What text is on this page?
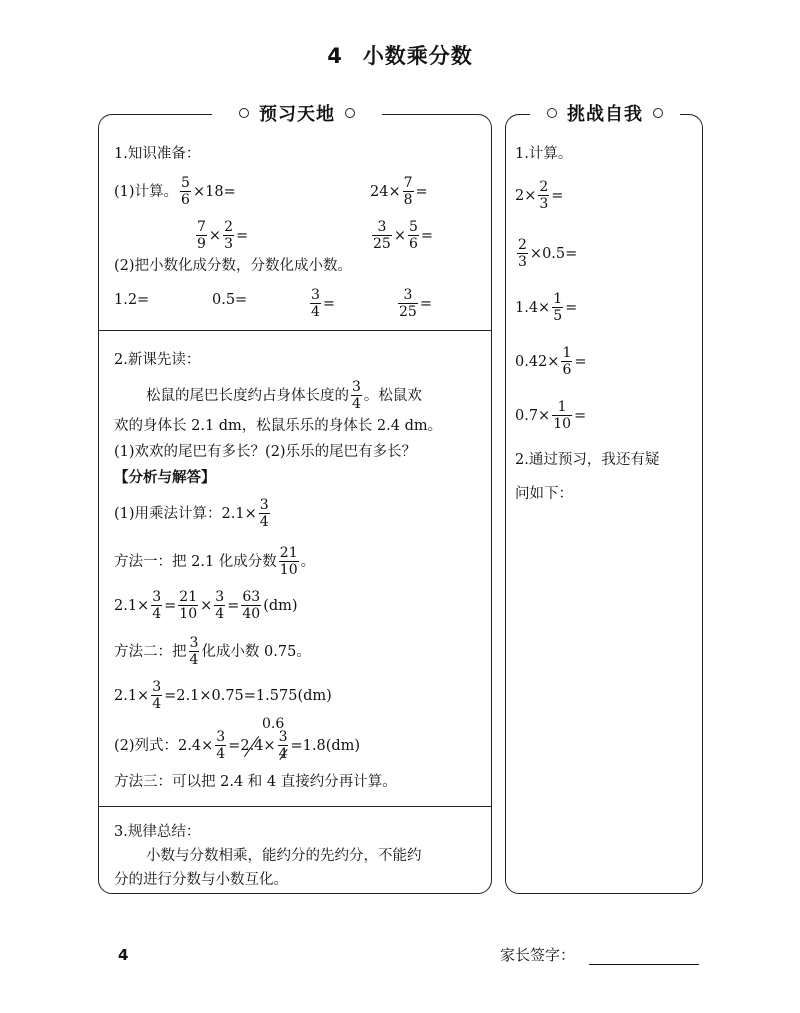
4 小数乘分数
预习天地	挑战自我
1.知识准备：
(1)计算。 $\frac{5}{6} \times 18=$	$24\times \frac{7}{8}$ =
$\frac{7}{9} \times \frac{2}{3}$ =	$\frac{3}{25} \times \frac{5}{6}$ =
(2)把小数化成分数，分数化成小数。
1.2=	0.5=	$\frac{3}{4}$ =	$\frac{3}{25}$ =
2.新课先读：
松鼠的尾巴长度约占身体长度的
3
4
。松鼠欢
欢的身体长 2.1 dm，松鼠乐乐的身体长 2.4 dm。
(1)欢欢的尾巴有多长？(2)乐乐的尾巴有多长？
【分析与解答】
(1)用乘法计算：$2.1\times \frac{3}{4}$
方法一：把 2.1 化成分数
21
10
。
$2.1\times \frac{3}{4} = \frac{21}{10} \times \frac{3}{4} = \frac{63}{40} (dm)$
方法二：把
3
4
化成小数 0.75。
$2.1\times \frac{3}{4} =2.1\times 0.75=1.575(dm)$
0.6
(2)列式：$2.4\times \frac{3}{4} = 2.4 \times \frac{3}{4} =1.8(dm)$
方法三：可以把 2.4 和 4 直接约分再计算。
3.规律总结：
小数与分数相乘，能约分的先约分，不能约
分的进行分数与小数互化。
1.计算。
$2\times \frac{2}{3}$ =
$\frac{2}{3} \times 0.5=$
$1.4\times \frac{1}{5}$ =
$0.42\times \frac{1}{6}$ =
$0.7\times \frac{1}{10}$ =
2.通过预习，我还有疑
问如下：
4	家长签字：
